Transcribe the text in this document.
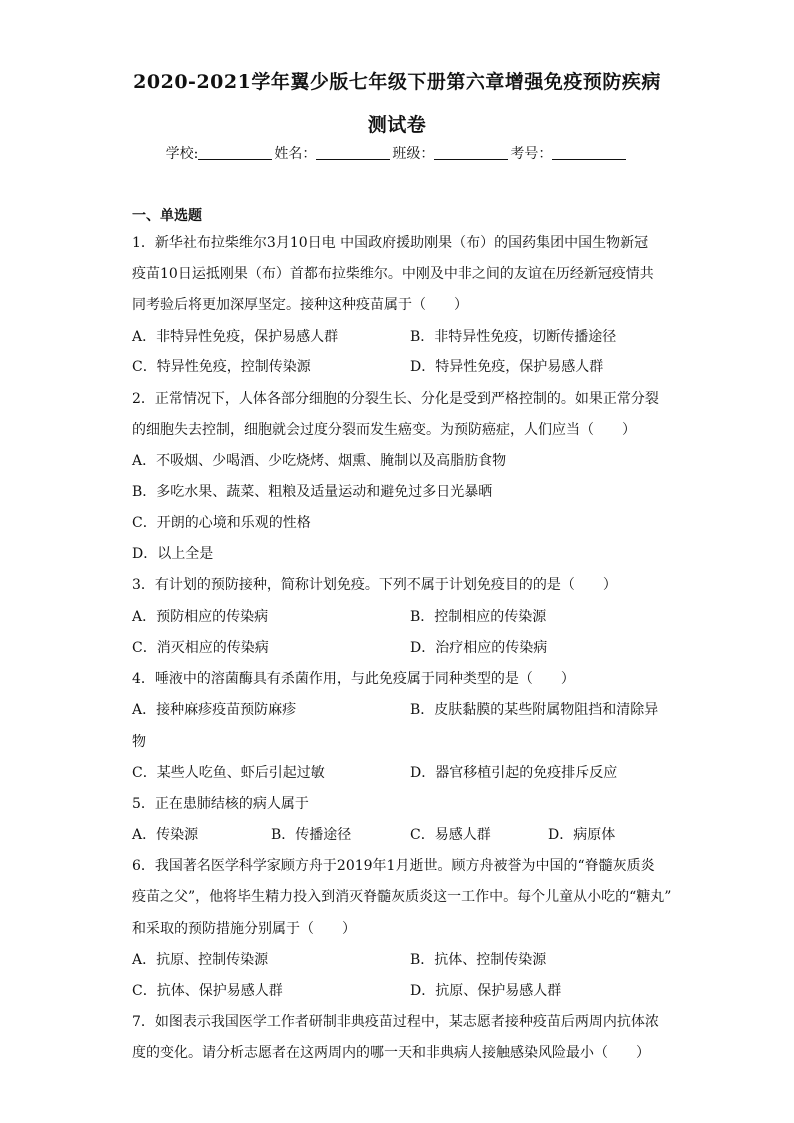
2020-2021学年翼少版七年级下册第六章增强免疫预防疾病
测试卷
学校:	姓名：	班级：	考号：
一、单选题
1．新华社布拉柴维尔3月10日电 中国政府援助刚果（布）的国药集团中国生物新冠
疫苗10日运抵刚果（布）首都布拉柴维尔。中刚及中非之间的友谊在历经新冠疫情共
同考验后将更加深厚坚定。接种这种疫苗属于（　　）
A．非特异性免疫，保护易感人群	B．非特异性免疫，切断传播途径
C．特异性免疫，控制传染源	D．特异性免疫，保护易感人群
2．正常情况下，人体各部分细胞的分裂生长、分化是受到严格控制的。如果正常分裂
的细胞失去控制，细胞就会过度分裂而发生癌变。为预防癌症，人们应当（　　）
A．不吸烟、少喝酒、少吃烧烤、烟熏、腌制以及高脂肪食物
B．多吃水果、蔬菜、粗粮及适量运动和避免过多日光暴晒
C．开朗的心境和乐观的性格
D．以上全是
3．有计划的预防接种，简称计划免疫。下列不属于计划免疫目的的是（　　）
A．预防相应的传染病	B．控制相应的传染源
C．消灭相应的传染病	D．治疗相应的传染病
4．唾液中的溶菌酶具有杀菌作用，与此免疫属于同种类型的是（　　）
A．接种麻疹疫苗预防麻疹	B．皮肤黏膜的某些附属物阻挡和清除异
物
C．某些人吃鱼、虾后引起过敏	D．器官移植引起的免疫排斥反应
5．正在患肺结核的病人属于
A．传染源	B．传播途径	C．易感人群	D．病原体
6．我国著名医学科学家顾方舟于2019年1月逝世。顾方舟被誉为中国的“脊髓灰质炎
疫苗之父”，他将毕生精力投入到消灭脊髓灰质炎这一工作中。每个儿童从小吃的“糖丸”
和采取的预防措施分别属于（　　）
A．抗原、控制传染源	B．抗体、控制传染源
C．抗体、保护易感人群	D．抗原、保护易感人群
7．如图表示我国医学工作者研制非典疫苗过程中，某志愿者接种疫苗后两周内抗体浓
度的变化。请分析志愿者在这两周内的哪一天和非典病人接触感染风险最小（　　）
